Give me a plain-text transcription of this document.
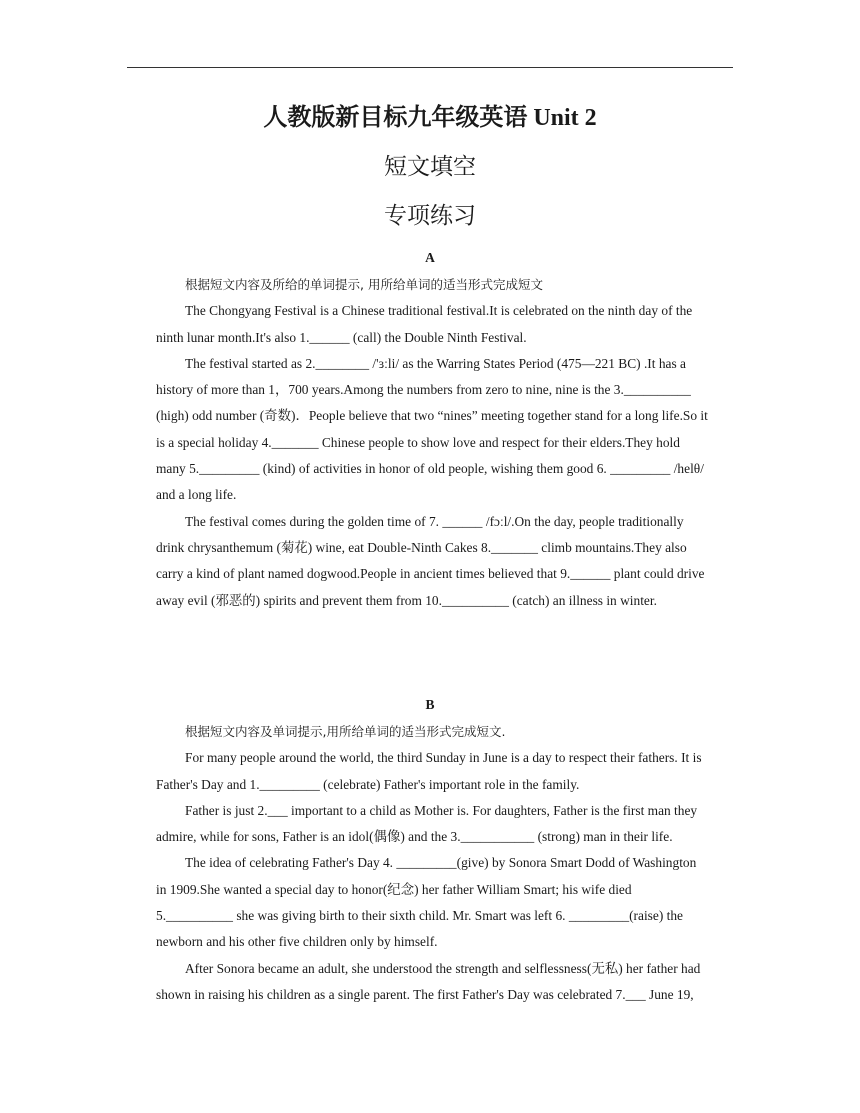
人教版新目标九年级英语 Unit 2
短文填空
专项练习

A

根据短文内容及所给的单词提示, 用所给单词的适当形式完成短文
The Chongyang Festival is a Chinese traditional festival.It is celebrated on the ninth day of the
ninth lunar month.It's also 1.______ (call) the Double Ninth Festival.
The festival started as 2.________ /'ɜːli/ as the Warring States Period (475—221 BC) .It has a
history of more than 1，700 years.Among the numbers from zero to nine, nine is the 3.__________
(high) odd number (奇数)．People believe that two “nines” meeting together stand for a long life.So it
is a special holiday 4._______ Chinese people to show love and respect for their elders.They hold
many 5._________ (kind) of activities in honor of old people, wishing them good 6. _________ /helθ/
and a long life.
The festival comes during the golden time of 7. ______ /fɔːl/.On the day, people traditionally
drink chrysanthemum (菊花) wine, eat Double-Ninth Cakes 8._______ climb mountains.They also
carry a kind of plant named dogwood.People in ancient times believed that 9.______ plant could drive
away evil (邪恶的) spirits and prevent them from 10.__________ (catch) an illness in winter.

B

根据短文内容及单词提示,用所给单词的适当形式完成短文.
For many people around the world, the third Sunday in June is a day to respect their fathers. It is
Father's Day and 1._________ (celebrate) Father's important role in the family.
Father is just 2.___ important to a child as Mother is. For daughters, Father is the first man they
admire, while for sons, Father is an idol(偶像) and the 3.___________ (strong) man in their life.
The idea of celebrating Father's Day 4. _________(give) by Sonora Smart Dodd of Washington
in 1909.She wanted a special day to honor(纪念) her father William Smart; his wife died
5.__________ she was giving birth to their sixth child. Mr. Smart was left 6. _________(raise) the
newborn and his other five children only by himself.
After Sonora became an adult, she understood the strength and selflessness(无私) her father had
shown in raising his children as a single parent. The first Father's Day was celebrated 7.___ June 19,
